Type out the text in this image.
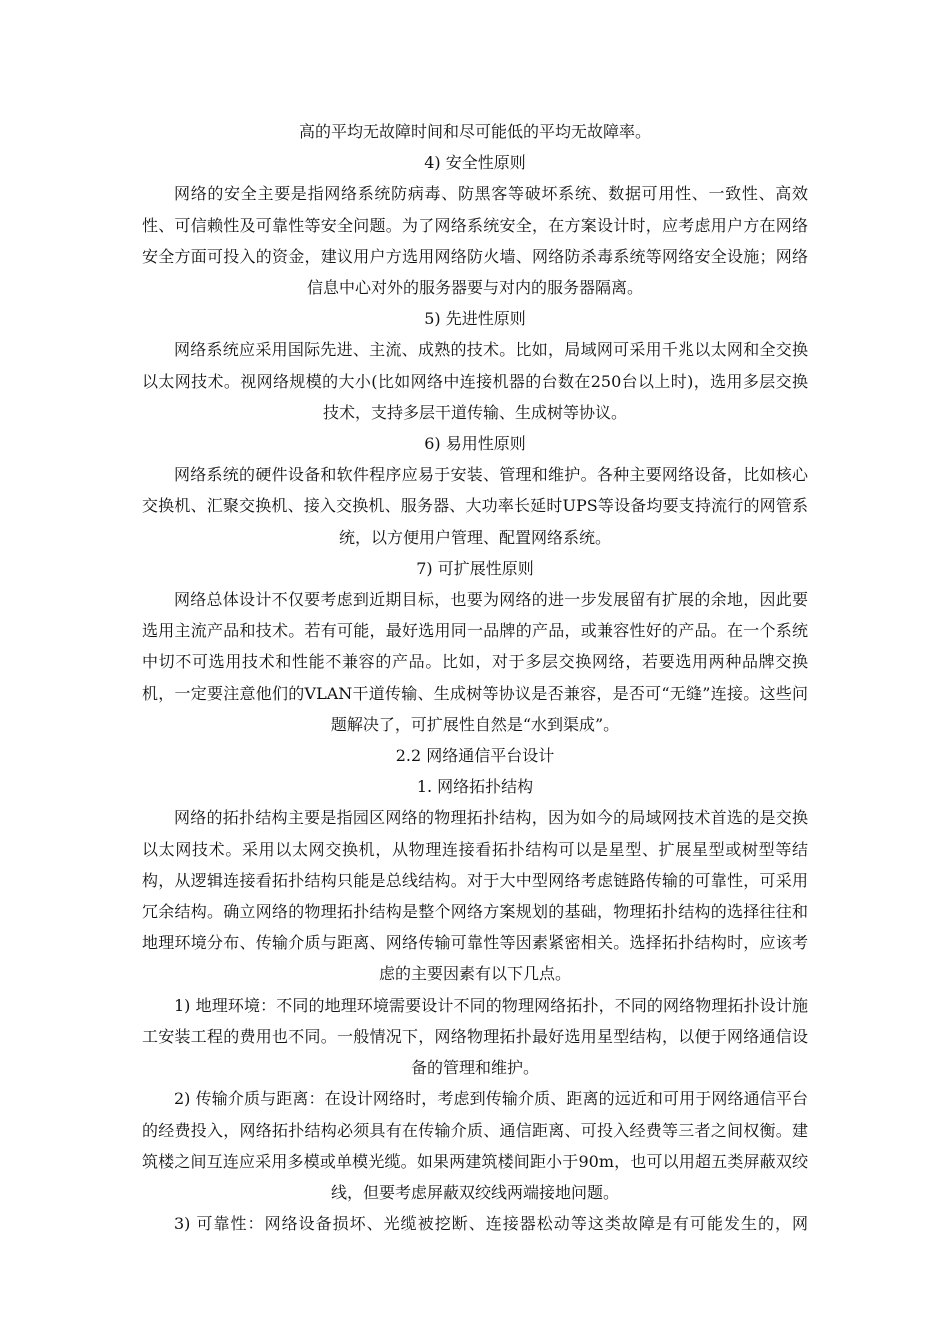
高的平均无故障时间和尽可能低的平均无故障率。

4) 安全性原则

网络的安全主要是指网络系统防病毒、防黑客等破坏系统、数据可用性、一致性、高效性、可信赖性及可靠性等安全问题。为了网络系统安全，在方案设计时，应考虑用户方在网络安全方面可投入的资金，建议用户方选用网络防火墙、网络防杀毒系统等网络安全设施；网络信息中心对外的服务器要与对内的服务器隔离。

5) 先进性原则

网络系统应采用国际先进、主流、成熟的技术。比如，局域网可采用千兆以太网和全交换以太网技术。视网络规模的大小(比如网络中连接机器的台数在250台以上时)，选用多层交换技术，支持多层干道传输、生成树等协议。

6) 易用性原则

网络系统的硬件设备和软件程序应易于安装、管理和维护。各种主要网络设备，比如核心交换机、汇聚交换机、接入交换机、服务器、大功率长延时UPS等设备均要支持流行的网管系统，以方便用户管理、配置网络系统。

7) 可扩展性原则

网络总体设计不仅要考虑到近期目标，也要为网络的进一步发展留有扩展的余地，因此要选用主流产品和技术。若有可能，最好选用同一品牌的产品，或兼容性好的产品。在一个系统中切不可选用技术和性能不兼容的产品。比如，对于多层交换网络，若要选用两种品牌交换机，一定要注意他们的VLAN干道传输、生成树等协议是否兼容，是否可“无缝”连接。这些问题解决了，可扩展性自然是“水到渠成”。

2.2 网络通信平台设计

1. 网络拓扑结构

网络的拓扑结构主要是指园区网络的物理拓扑结构，因为如今的局域网技术首选的是交换以太网技术。采用以太网交换机，从物理连接看拓扑结构可以是星型、扩展星型或树型等结构，从逻辑连接看拓扑结构只能是总线结构。对于大中型网络考虑链路传输的可靠性，可采用冗余结构。确立网络的物理拓扑结构是整个网络方案规划的基础，物理拓扑结构的选择往往和地理环境分布、传输介质与距离、网络传输可靠性等因素紧密相关。选择拓扑结构时，应该考虑的主要因素有以下几点。

1) 地理环境：不同的地理环境需要设计不同的物理网络拓扑，不同的网络物理拓扑设计施工安装工程的费用也不同。一般情况下，网络物理拓扑最好选用星型结构，以便于网络通信设备的管理和维护。

2) 传输介质与距离：在设计网络时，考虑到传输介质、距离的远近和可用于网络通信平台的经费投入，网络拓扑结构必须具有在传输介质、通信距离、可投入经费等三者之间权衡。建筑楼之间互连应采用多模或单模光缆。如果两建筑楼间距小于90m，也可以用超五类屏蔽双绞线，但要考虑屏蔽双绞线两端接地问题。

3) 可靠性：网络设备损坏、光缆被挖断、连接器松动等这类故障是有可能发生的，网
